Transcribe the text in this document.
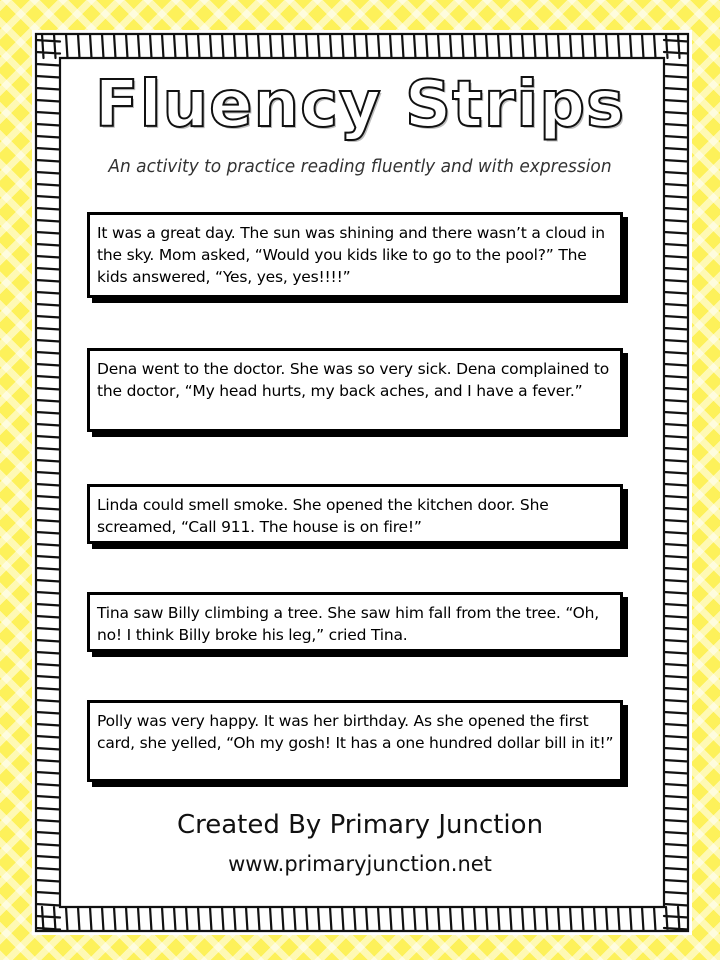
Fluency Strips

An activity to practice reading fluently and with expression

It was a great day. The sun was shining and there wasn’t a cloud in the sky. Mom asked, “Would you kids like to go to the pool?” The kids answered, “Yes, yes, yes!!!!”
Dena went to the doctor. She was so very sick. Dena complained to the doctor, “My head hurts, my back aches, and I have a fever.”
Linda could smell smoke. She opened the kitchen door. She screamed, “Call 911. The house is on fire!”
Tina saw Billy climbing a tree. She saw him fall from the tree. “Oh, no! I think Billy broke his leg,” cried Tina.
Polly was very happy. It was her birthday. As she opened the first card, she yelled, “Oh my gosh! It has a one hundred dollar bill in it!”

Created By Primary Junction

www.primaryjunction.net
